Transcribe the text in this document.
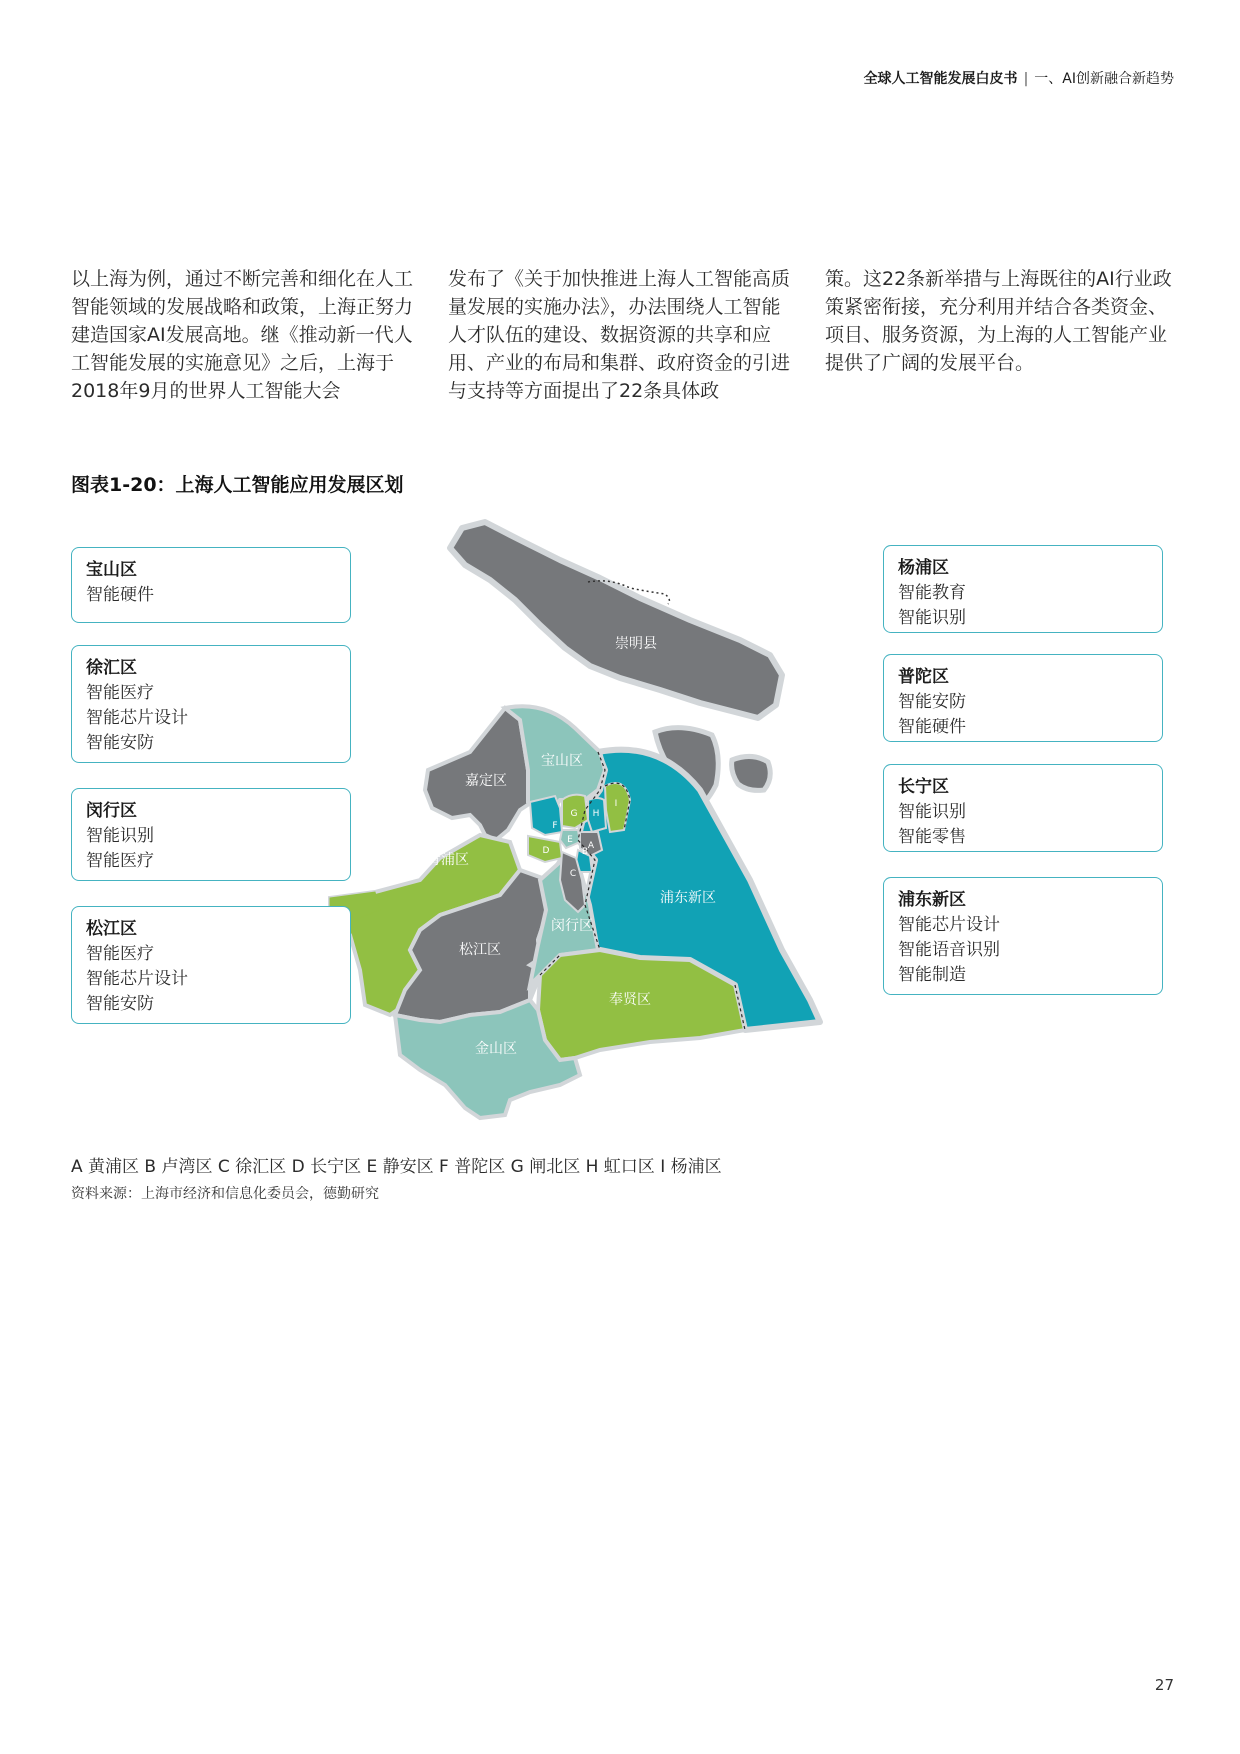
全球人工智能发展白皮书 | 一、AI创新融合新趋势
以上海为例，通过不断完善和细化在人工智能领域的发展战略和政策，上海正努力建造国家AI发展高地。继《推动新一代人工智能发展的实施意见》之后，上海于2018年9月的世界人工智能大会
发布了《关于加快推进上海人工智能高质量发展的实施办法》，办法围绕人工智能人才队伍的建设、数据资源的共享和应用、产业的布局和集群、政府资金的引进与支持等方面提出了22条具体政
策。这22条新举措与上海既往的AI行业政策紧密衔接，充分利用并结合各类资金、项目、服务资源，为上海的人工智能产业提供了广阔的发展平台。
图表1-20：上海人工智能应用发展区划
崇明县
宝山区
嘉定区
青浦区
松江区
闵行区
浦东新区
奉贤区
金山区
A
B
C
D
E
F
G H
I
宝山区
智能硬件
徐汇区
智能医疗
智能芯片设计
智能安防
闵行区
智能识别
智能医疗
松江区
智能医疗
智能芯片设计
智能安防
杨浦区
智能教育
智能识别
普陀区
智能安防
智能硬件
长宁区
智能识别
智能零售
浦东新区
智能芯片设计
智能语音识别
智能制造
A 黄浦区 B 卢湾区 C 徐汇区 D 长宁区 E 静安区 F 普陀区 G 闸北区 H 虹口区 I 杨浦区
资料来源：上海市经济和信息化委员会，德勤研究
27
